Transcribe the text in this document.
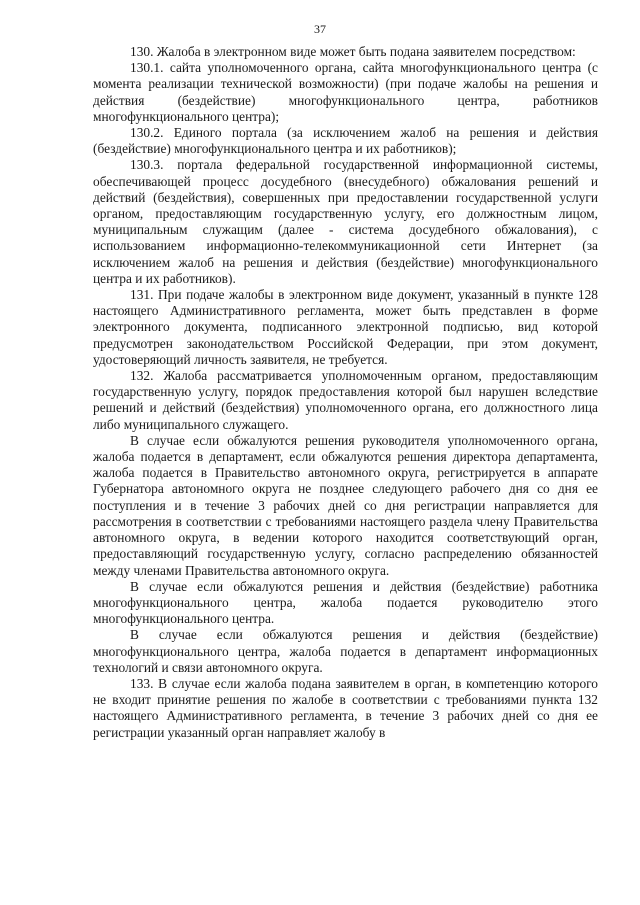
37

130. Жалоба в электронном виде может быть подана заявителем посредством:

130.1. сайта уполномоченного органа, сайта многофункционального центра (с момента реализации технической возможности) (при подаче жалобы на решения и действия (бездействие) многофункционального центра, работников многофункционального центра);

130.2. Единого портала (за исключением жалоб на решения и действия (бездействие) многофункционального центра и их работников);

130.3. портала федеральной государственной информационной системы, обеспечивающей процесс досудебного (внесудебного) обжалования решений и действий (бездействия), совершенных при предоставлении государственной услуги органом, предоставляющим государственную услугу, его должностным лицом, муниципальным служащим (далее - система досудебного обжалования), с использованием информационно-телекоммуникационной сети Интернет (за исключением жалоб на решения и действия (бездействие) многофункционального центра и их работников).

131. При подаче жалобы в электронном виде документ, указанный в пункте 128 настоящего Административного регламента, может быть представлен в форме электронного документа, подписанного электронной подписью, вид которой предусмотрен законодательством Российской Федерации, при этом документ, удостоверяющий личность заявителя, не требуется.

132. Жалоба рассматривается уполномоченным органом, предоставляющим государственную услугу, порядок предоставления которой был нарушен вследствие решений и действий (бездействия) уполномоченного органа, его должностного лица либо муниципального служащего.

В случае если обжалуются решения руководителя уполномоченного органа, жалоба подается в департамент, если обжалуются решения директора департамента, жалоба подается в Правительство автономного округа, регистрируется в аппарате Губернатора автономного округа не позднее следующего рабочего дня со дня ее поступления и в течение 3 рабочих дней со дня регистрации направляется для рассмотрения в соответствии с требованиями настоящего раздела члену Правительства автономного округа, в ведении которого находится соответствующий орган, предоставляющий государственную услугу, согласно распределению обязанностей между членами Правительства автономного округа.

В случае если обжалуются решения и действия (бездействие) работника многофункционального центра, жалоба подается руководителю этого многофункционального центра.

В случае если обжалуются решения и действия (бездействие) многофункционального центра, жалоба подается в департамент информационных технологий и связи автономного округа.

133. В случае если жалоба подана заявителем в орган, в компетенцию которого не входит принятие решения по жалобе в соответствии с требованиями пункта 132 настоящего Административного регламента, в течение 3 рабочих дней со дня ее регистрации указанный орган направляет жалобу в
